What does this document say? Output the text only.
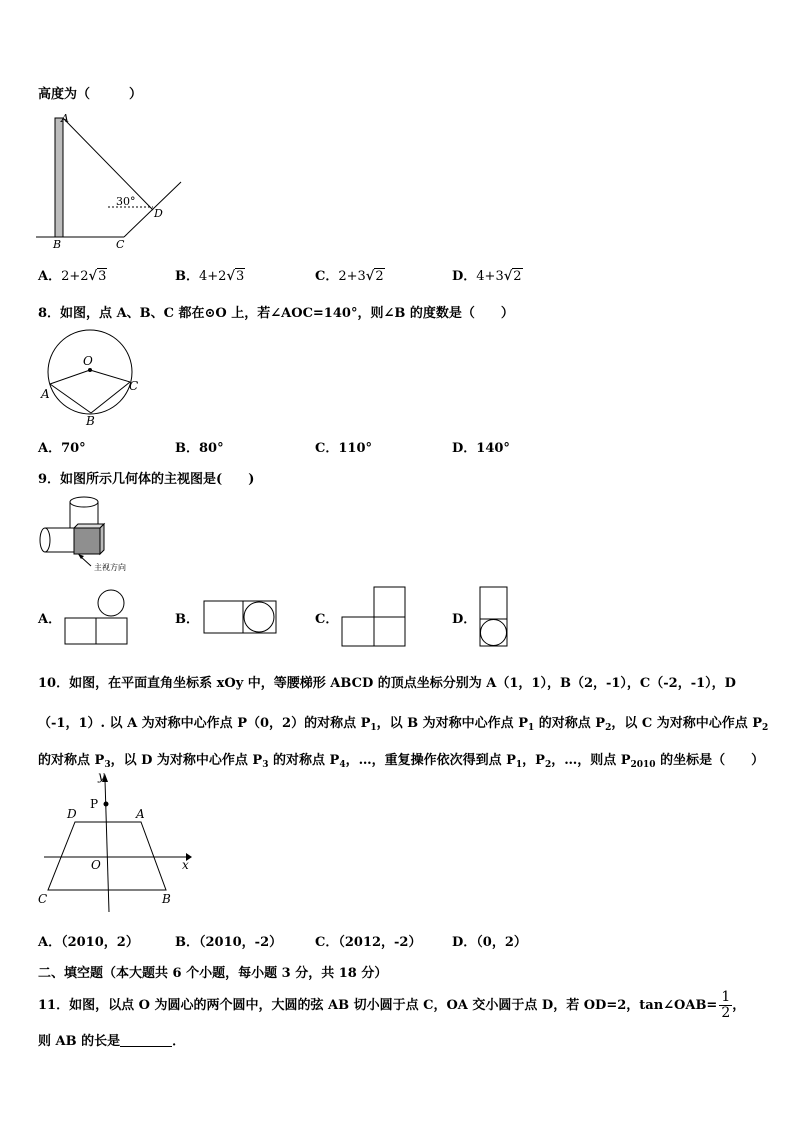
高度为（　　　）
A
B	C
D
30°
A．2+2√3	B．4+2√3	C．2+3√2	D．4+3√2
8．如图，点 A、B、C 都在⊙O 上，若∠AOC=140°，则∠B 的度数是（　　）
O
A
B
C
A．70°	B．80°	C．110°	D．140°
9．如图所示几何体的主视图是(　　)
主视方向
A．	B．	C．	D．
10．如图，在平面直角坐标系 xOy 中，等腰梯形 ABCD 的顶点坐标分别为 A（1，1），B（2，-1），C（-2，-1），D
（-1，1）. 以 A 为对称中心作点 P（0，2）的对称点 $P_1$，以 B 为对称中心作点 $P_1$ 的对称点 $P_2$，以 C 为对称中心作点 $P_2$
的对称点 $P_3$，以 D 为对称中心作点 $P_3$ 的对称点 $P_4$，…，重复操作依次得到点 $P_1$，$P_2$，…，则点 $P_{2010}$ 的坐标是（　　）
y
P
D	A
O	x
C	B
A．（2010，2）	B．（2010，-2）	C．（2012，-2） D．（0，2）
二、填空题（本大题共 6 个小题，每小题 3 分，共 18 分）
11．如图，以点 O 为圆心的两个圆中，大圆的弦 AB 切小圆于点 C，OA 交小圆于点 D，若 OD=2，tan∠OAB= $\frac{1}{2}$ ，
则 AB 的长是	．
